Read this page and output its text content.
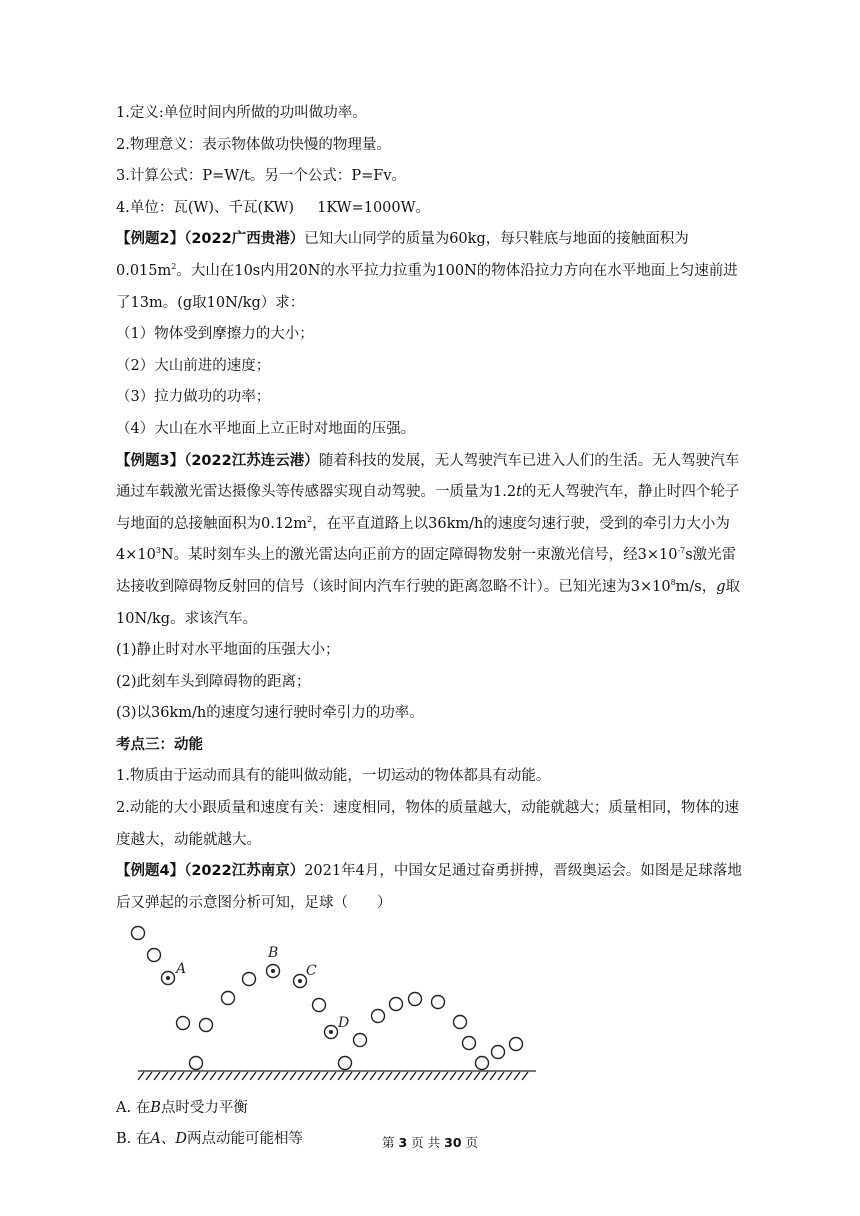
1.定义:单位时间内所做的功叫做功率。
2.物理意义：表示物体做功快慢的物理量。
3.计算公式：P=W/t。另一个公式：P=Fv。
4.单位：瓦(W)、千瓦(KW)     1KW=1000W。
【例题2】（2022广西贵港）已知大山同学的质量为60kg，每只鞋底与地面的接触面积为$0.015m^2$。大山在10s内用20N的水平拉力拉重为100N的物体沿拉力方向在水平地面上匀速前进了13m。(g取10N/kg）求：
（1）物体受到摩擦力的大小；
（2）大山前进的速度；
（3）拉力做功的功率；
（4）大山在水平地面上立正时对地面的压强。
【例题3】（2022江苏连云港）随着科技的发展，无人驾驶汽车已进入人们的生活。无人驾驶汽车通过车载激光雷达摄像头等传感器实现自动驾驶。一质量为1.2t的无人驾驶汽车，静止时四个轮子与地面的总接触面积为$0.12m^2$，在平直道路上以36km/h的速度匀速行驶，受到的牵引力大小为$4\times 10^3N$。某时刻车头上的激光雷达向正前方的固定障碍物发射一束激光信号，经$3\times 10^{-7}s$激光雷达接收到障碍物反射回的信号（该时间内汽车行驶的距离忽略不计）。已知光速为$3\times 10^8m/s$，g取10N/kg。求该汽车。
(1)静止时对水平地面的压强大小；
(2)此刻车头到障碍物的距离；
(3)以36km/h的速度匀速行驶时牵引力的功率。
考点三：动能
1.物质由于运动而具有的能叫做动能，一切运动的物体都具有动能。
2.动能的大小跟质量和速度有关：速度相同，物体的质量越大，动能就越大；质量相同，物体的速度越大，动能就越大。
【例题4】（2022江苏南京）2021年4月，中国女足通过奋勇拼搏，晋级奥运会。如图是足球落地后又弹起的示意图分析可知，足球（　　）
A
B
C
D
A. 在B点时受力平衡
B. 在A、D两点动能可能相等	第 3 页 共 30 页
